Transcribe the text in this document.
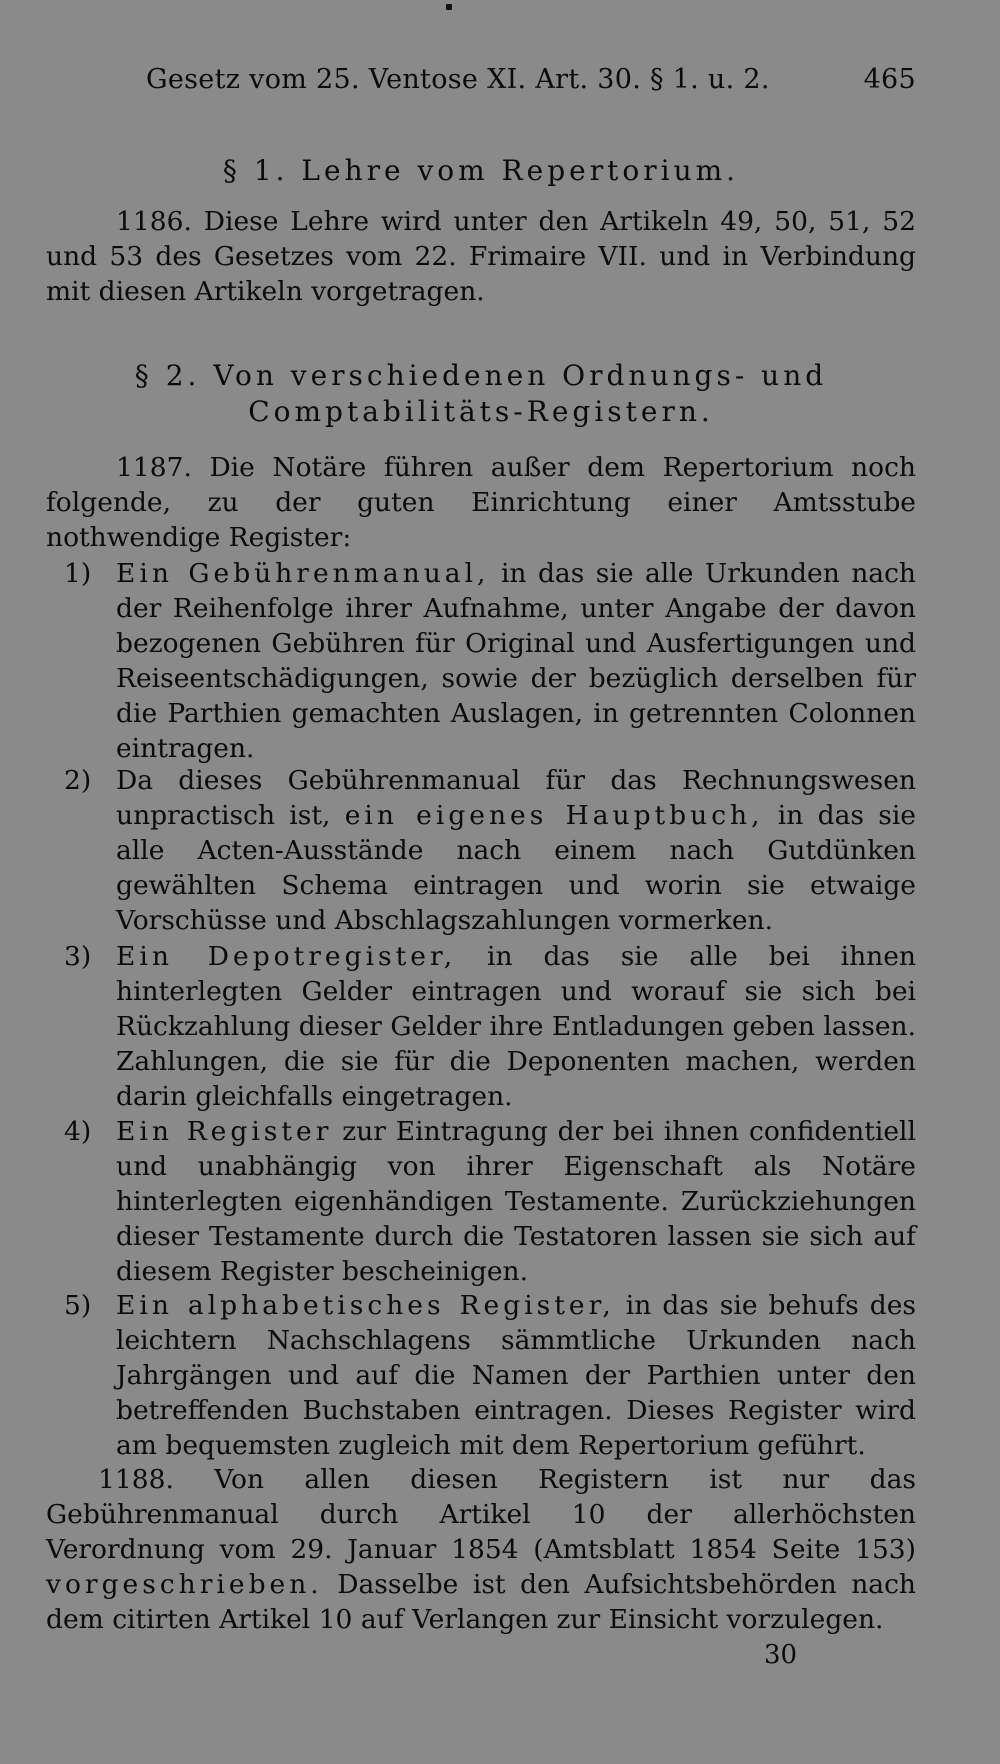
Gesetz vom 25. Ventose XI. Art. 30. § 1. u. 2.	465
§ 1. Lehre vom Repertorium.
1186. Diese Lehre wird unter den Artikeln 49, 50, 51, 52 und 53 des Gesetzes vom 22. Frimaire VII. und in Verbindung mit diesen Artikeln vorgetragen.
§ 2. Von verschiedenen Ordnungs- und
Comptabilitäts-Registern.
1187. Die Notäre führen außer dem Repertorium noch folgende, zu der guten Einrichtung einer Amtsstube nothwendige Register:
1) Ein Gebührenmanual, in das sie alle Urkunden nach der Reihenfolge ihrer Aufnahme, unter Angabe der davon bezogenen Gebühren für Original und Ausfertigungen und Reiseentschädigungen, sowie der bezüglich derselben für die Parthien gemachten Auslagen, in getrennten Colonnen eintragen.
2) Da dieses Gebührenmanual für das Rechnungswesen unpractisch ist, ein eigenes Hauptbuch, in das sie alle Acten-Ausstände nach einem nach Gutdünken gewählten Schema eintragen und worin sie etwaige Vorschüsse und Abschlagszahlungen vormerken.
3) Ein Depotregister, in das sie alle bei ihnen hinterlegten Gelder eintragen und worauf sie sich bei Rückzahlung dieser Gelder ihre Entladungen geben lassen. Zahlungen, die sie für die Deponenten machen, werden darin gleichfalls eingetragen.
4) Ein Register zur Eintragung der bei ihnen confidentiell und unabhängig von ihrer Eigenschaft als Notäre hinterlegten eigenhändigen Testamente. Zurückziehungen dieser Testamente durch die Testatoren lassen sie sich auf diesem Register bescheinigen.
5) Ein alphabetisches Register, in das sie behufs des leichtern Nachschlagens sämmtliche Urkunden nach Jahrgängen und auf die Namen der Parthien unter den betreffenden Buchstaben eintragen. Dieses Register wird am bequemsten zugleich mit dem Repertorium geführt.
1188. Von allen diesen Registern ist nur das Gebührenmanual durch Artikel 10 der allerhöchsten Verordnung vom 29. Januar 1854 (Amtsblatt 1854 Seite 153) vorgeschrieben. Dasselbe ist den Aufsichtsbehörden nach dem citirten Artikel 10 auf Verlangen zur Einsicht vorzulegen.
30
